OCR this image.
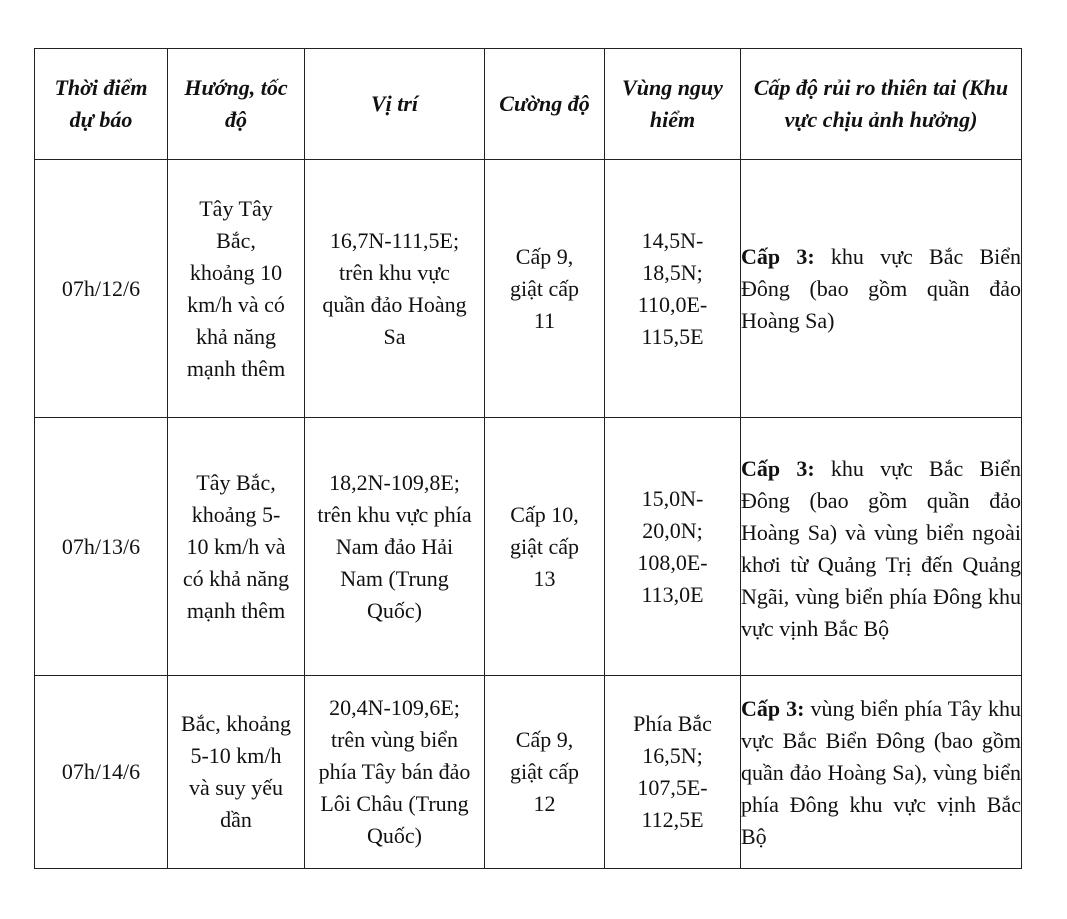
Thời điểm dự báo	Hướng, tốc độ	Vị trí	Cường độ	Vùng nguy hiểm	Cấp độ rủi ro thiên tai (Khu vực chịu ảnh hưởng)

07h/12/6	Tây Tây Bắc, khoảng 10 km/h và có khả năng mạnh thêm	16,7N-111,5E; trên khu vực quần đảo Hoàng Sa	Cấp 9, giật cấp 11	14,5N-18,5N; 110,0E-115,5E	Cấp 3: khu vực Bắc Biển Đông (bao gồm quần đảo Hoàng Sa)

07h/13/6	Tây Bắc, khoảng 5-10 km/h và có khả năng mạnh thêm	18,2N-109,8E; trên khu vực phía Nam đảo Hải Nam (Trung Quốc)	Cấp 10, giật cấp 13	15,0N-20,0N; 108,0E-113,0E	Cấp 3: khu vực Bắc Biển Đông (bao gồm quần đảo Hoàng Sa) và vùng biển ngoài khơi từ Quảng Trị đến Quảng Ngãi, vùng biển phía Đông khu vực vịnh Bắc Bộ

07h/14/6	Bắc, khoảng 5-10 km/h và suy yếu dần	20,4N-109,6E; trên vùng biển phía Tây bán đảo Lôi Châu (Trung Quốc)	Cấp 9, giật cấp 12	Phía Bắc 16,5N; 107,5E-112,5E	Cấp 3: vùng biển phía Tây khu vực Bắc Biển Đông (bao gồm quần đảo Hoàng Sa), vùng biển phía Đông khu vực vịnh Bắc Bộ
